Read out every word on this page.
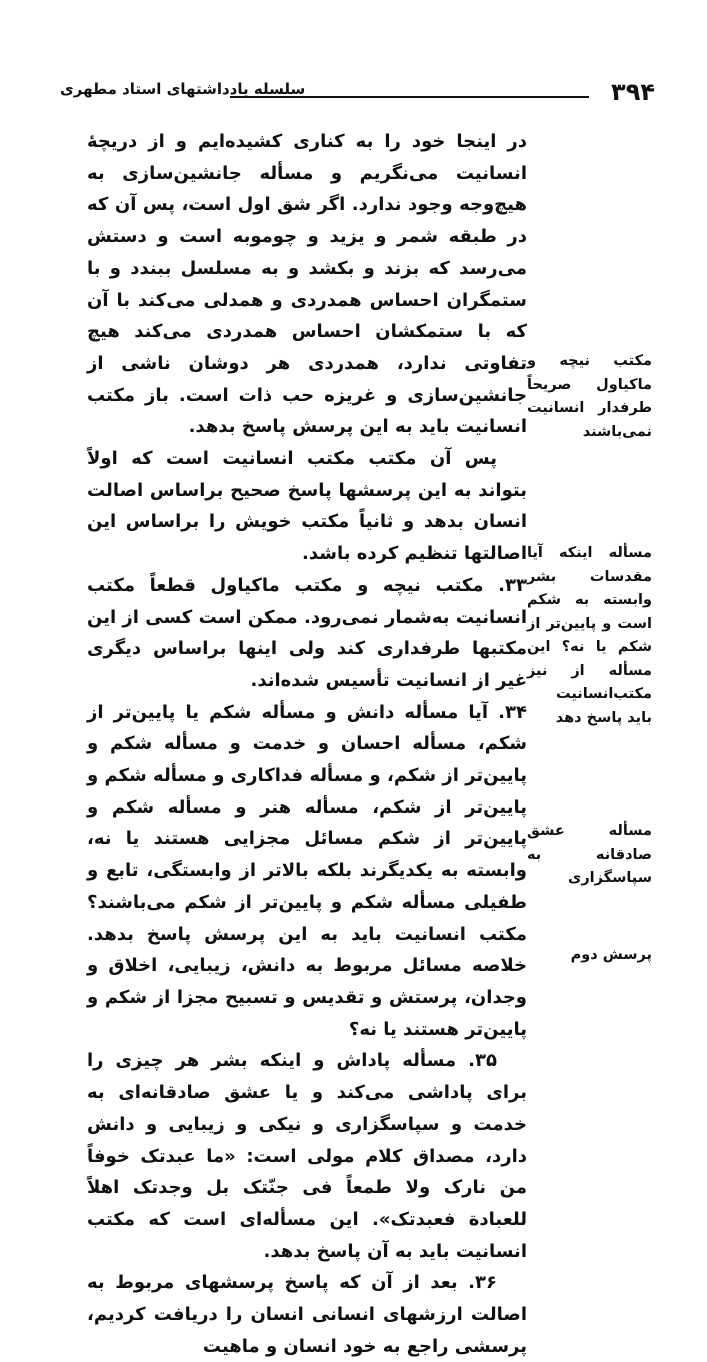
۳۹۴
سلسله یادداشتهای استاد مطهری

در اینجا خود را به کناری کشیده‌ایم و از دریچهٔ انسانیت می‌نگریم و مسأله جانشین‌سازی به هیچ‌وجه وجود ندارد. اگر شق اول است، پس آن که در طبقه شمر و یزید و چوموبه است و دستش می‌رسد که بزند و بکشد و به مسلسل ببندد و با ستمگران احساس همدردی و همدلی می‌کند با آن که با ستمکشان احساس همدردی می‌کند هیچ تفاوتی ندارد، همدردی هر دوشان ناشی از جانشین‌سازی و غریزه حب ذات است. باز مکتب انسانیت باید به این پرسش پاسخ بدهد.

پس آن مکتب مکتب انسانیت است که اولاً بتواند به این پرسشها پاسخ صحیح براساس اصالت انسان بدهد و ثانیاً مکتب خویش را براساس این اصالتها تنظیم کرده باشد.

۳۳. مکتب نیچه و مکتب ماکیاول قطعاً مکتب انسانیت به‌شمار نمی‌رود. ممکن است کسی از این مکتبها طرفداری کند ولی اینها براساس دیگری غیر از انسانیت تأسیس شده‌اند.

۳۴. آیا مسأله دانش و مسأله شکم یا پایین‌تر از شکم، مسأله احسان و خدمت و مسأله شکم و پایین‌تر از شکم، و مسأله فداکاری و مسأله شکم و پایین‌تر از شکم، مسأله هنر و مسأله شکم و پایین‌تر از شکم مسائل مجزایی هستند یا نه، وابسته به یکدیگرند بلکه بالاتر از وابستگی، تابع و طفیلی مسأله شکم و پایین‌تر از شکم می‌باشند؟ مکتب انسانیت باید به این پرسش پاسخ بدهد. خلاصه مسائل مربوط به دانش، زیبایی، اخلاق و وجدان، پرستش و تقدیس و تسبیح مجزا از شکم و پایین‌تر هستند یا نه؟

۳۵. مسأله پاداش و اینکه بشر هر چیزی را برای پاداشی می‌کند و یا عشق صادقانه‌ای به خدمت و سپاسگزاری و نیکی و زیبایی و دانش دارد، مصداق کلام مولی است: «ما عبدتک خوفاً من نارک ولا طمعاً فی جنّتک بل وجدتک اهلاً للعبادة فعبدتک». این مسأله‌ای است که مکتب انسانیت باید به آن پاسخ بدهد.

۳۶. بعد از آن که پاسخ پرسشهای مربوط به اصالت ارزشهای انسانی انسان را دریافت کردیم، پرسشی راجع به خود انسان و ماهیت

مکتب نیچه و ماکیاول صریحاً طرفدار انسانیت نمی‌باشند
مسأله اینکه آیا مقدسات بشر وابسته به شکم است و پایین‌تر از شکم یا نه؟ این مسأله از نیز مکتب‌انسانیت باید پاسخ دهد
مسأله عشق صادقانه به سپاسگزاری
پرسش دوم
